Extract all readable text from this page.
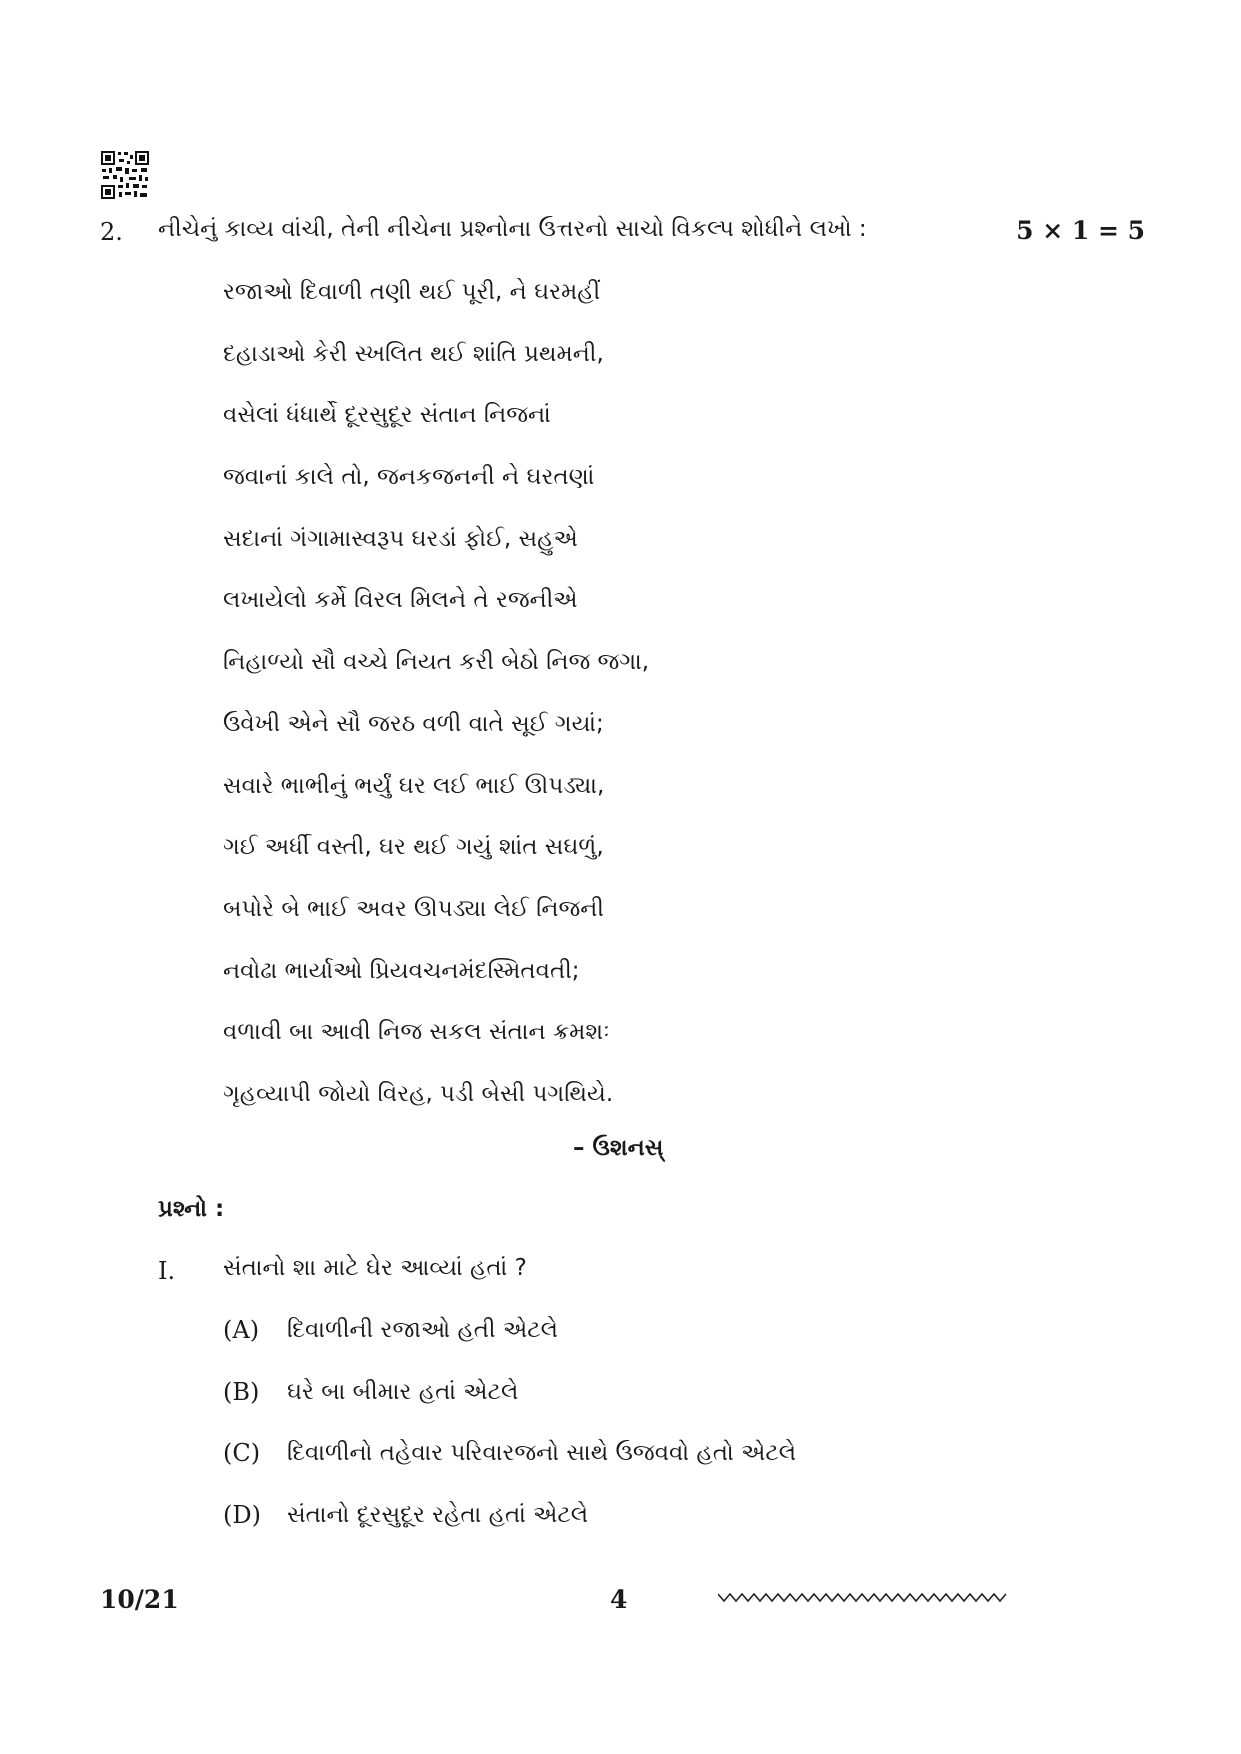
2. નીચેનું કાવ્ય વાંચી, તેની નીચેના પ્રશ્નોના ઉત્તરનો સાચો વિકલ્પ શોધીને લખો :	5 × 1 = 5
રજાઓ દિવાળી તણી થઈ પૂરી, ને ઘરમહીં
દહાડાઓ કેરી સ્ખલિત થઈ શાંતિ પ્રથમની,
વસેલાં ધંધાર્થે દૂરસુદૂર સંતાન નિજનાં
જવાનાં કાલે તો, જનકજનની ને ઘરતણાં
સદાનાં ગંગામાસ્વરૂપ ઘરડાં ફોઈ, સહુએ
લખાયેલો કર્મે વિરલ મિલને તે રજનીએ
નિહાળ્યો સૌ વચ્ચે નિયત કરી બેઠો નિજ જગા,
ઉવેખી એને સૌ જરઠ વળી વાતે સૂઈ ગયાં;
સવારે ભાભીનું ભર્યું ઘર લઈ ભાઈ ઊપડ્યા,
ગઈ અર્ધી વસ્તી, ઘર થઈ ગયું શાંત સઘળું,
બપોરે બે ભાઈ અવર ઊપડ્યા લેઈ નિજની
નવોઢા ભાર્યાઓ પ્રિયવચનમંદસ્મિતવતી;
વળાવી બા આવી નિજ સકલ સંતાન ક્રમશઃ
ગૃહવ્યાપી જોયો વિરહ, પડી બેસી પગથિયે.
– ઉશનસ્
પ્રશ્નો :
I. સંતાનો શા માટે ઘેર આવ્યાં હતાં ?
(A)	દિવાળીની રજાઓ હતી એટલે
(B)	ઘરે બા બીમાર હતાં એટલે
(C)	દિવાળીનો તહેવાર પરિવારજનો સાથે ઉજવવો હતો એટલે
(D)	સંતાનો દૂરસુદૂર રહેતા હતાં એટલે
10/21	4
